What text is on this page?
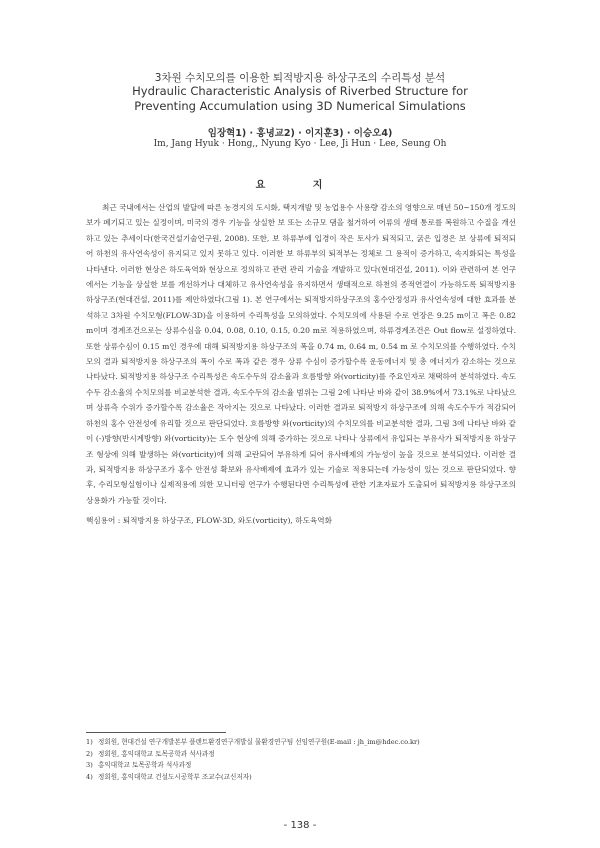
3차원 수치모의를 이용한 퇴적방지용 하상구조의 수리특성 분석
Hydraulic Characteristic Analysis of Riverbed Structure for
Preventing Accumulation using 3D Numerical Simulations
임장혁1) · 홍녕교2) · 이지훈3) · 이승오4)
Im, Jang Hyuk · Hong,, Nyung Kyo · Lee, Ji Hun · Lee, Seung Oh
요 지

최근 국내에서는 산업의 발달에 따른 농경지의 도시화, 택지개발 및 농업용수 사용량 감소의 영향으로 매년 50~150개 정도의 보가 폐기되고 있는 실정이며, 미국의 경우 기능을 상실한 보 또는 소규모 댐을 철거하여 어류의 생태 통로를 복원하고 수질을 개선하고 있는 추세이다(한국건설기술연구원, 2008). 또한, 보 하류부에 입경이 작은 토사가 퇴적되고, 굵은 입경은 보 상류에 퇴적되어 하천의 유사연속성이 유지되고 있지 못하고 있다. 이러한 보 하류부의 퇴적부는 정체로 그 용적이 증가하고, 속지화되는 특성을 나타낸다. 이러한 현상은 하도육역화 현상으로 정의하고 관련 관리 기술을 개발하고 있다(현대건설, 2011). 이와 관련하여 본 연구에서는 기능을 상실한 보를 개선하거나 대체하고 유사연속성을 유지하면서 생태적으로 하천의 종적연결이 가능하도록 퇴적방지용 하상구조(현대건설, 2011)를 제안하였다(그림 1). 본 연구에서는 퇴적방지하상구조의 홍수안정성과 유사연속성에 대한 효과를 분석하고 3차원 수치모형(FLOW-3D)을 이용하여 수리특성을 모의하였다. 수치모의에 사용된 수로 연장은 9.25 m이고 폭은 0.82 m이며 경계조건으로는 상류수심을 0.04, 0.08, 0.10, 0.15, 0.20 m로 적용하였으며, 하류경계조건은 Out flow로 설정하였다. 또한 상류수심이 0.15 m인 경우에 대해 퇴적방지용 하상구조의 폭을 0.74 m, 0.64 m, 0.54 m 로 수치모의를 수행하였다. 수치모의 결과 퇴적방지용 하상구조의 폭이 수로 폭과 같은 경우 상류 수심이 증가할수록 운동에너지 및 총 에너지가 감소하는 것으로 나타났다. 퇴적방지용 하상구조 수리특성은 속도수두의 감소율과 흐름방향 와(vorticity)를 주요인자로 채택하여 분석하였다. 속도수두 감소율의 수치모의를 비교분석한 결과, 속도수두의 감소율 범위는 그림 2에 나타난 바와 같이 38.9%에서 73.1%로 나타났으며 상류측 수위가 증가할수록 감소율은 작아지는 것으로 나타났다. 이러한 결과로 퇴적방지 하상구조에 의해 속도수두가 적감되어 하천의 홍수 안전성에 유리할 것으로 판단되었다. 흐름방향 와(vorticity)의 수치모의를 비교분석한 결과, 그림 3에 나타난 바와 같이 (-)방향(반시계방향) 와(vorticity)는 도수 현상에 의해 증가하는 것으로 나타나 상류에서 유입되는 부유사가 퇴적방지용 하상구조 형상에 의해 발생하는 와(vorticity)에 의해 교란되어 부유하게 되어 유사배제의 가능성이 높을 것으로 분석되었다. 이러한 결과, 퇴적방지용 하상구조가 홍수 안전성 확보와 유사배제에 효과가 있는 기술로 적용되는데 가능성이 있는 것으로 판단되었다. 향후, 수리모형실험이나 실제적용에 의한 모니터링 연구가 수행된다면 수리특성에 관한 기초자료가 도출되어 퇴적방지용 하상구조의 상용화가 가능할 것이다.

핵심용어 : 퇴적방지용 하상구조, FLOW-3D, 와도(vorticity), 하도육역화
1) 정회원, 현대건설 연구개발본부 플랜트환경연구개발실 물환경연구팀 선임연구원(E-mail : jh_im@hdec.co.kr)
2) 정회원, 홍익대학교 토목공학과 석사과정
3) 홍익대학교 토목공학과 석사과정
4) 정회원, 홍익대학교 건설도시공학부 조교수(교신저자)
- 138 -
